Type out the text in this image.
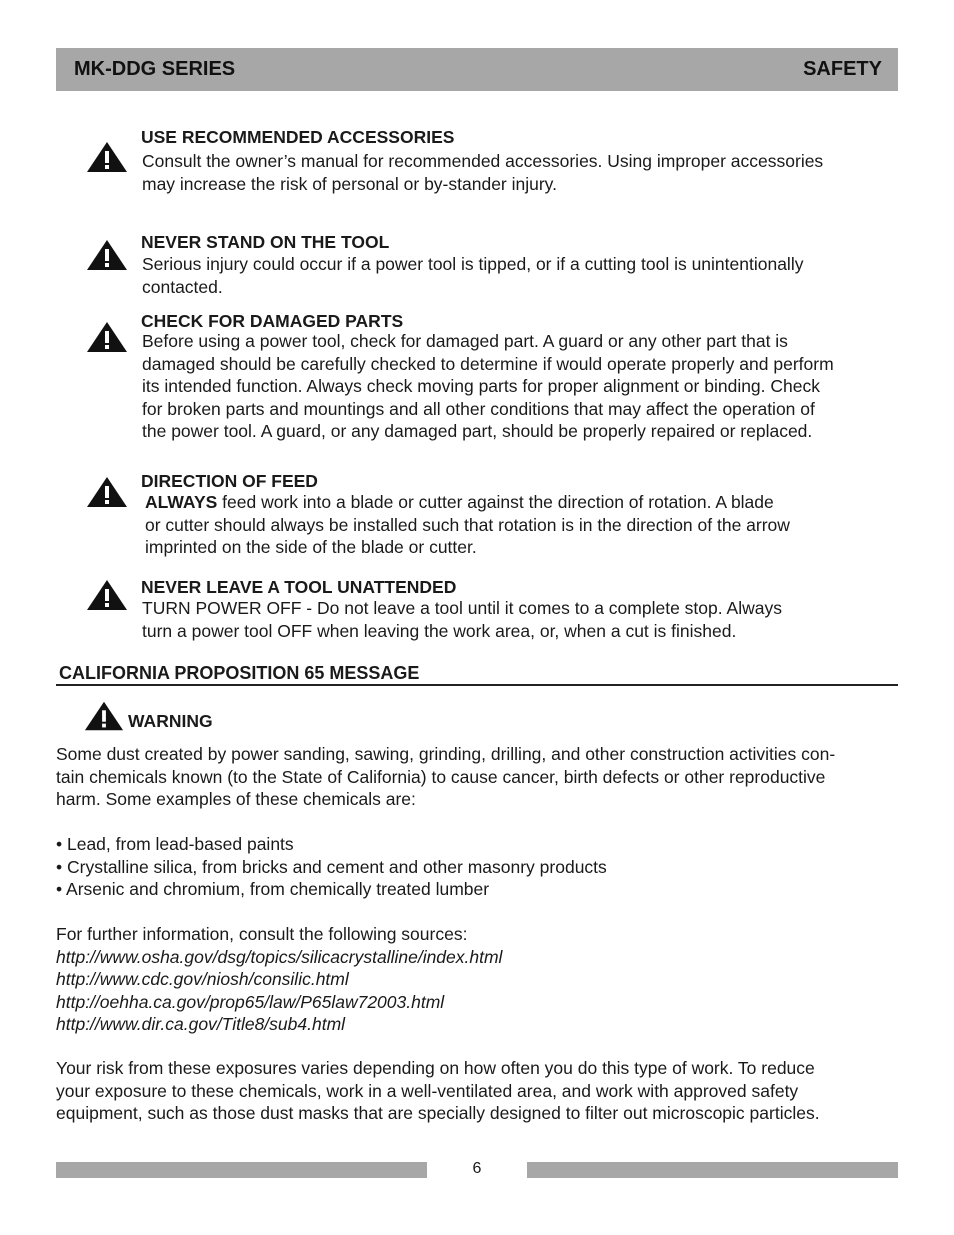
MK-DDG SERIES	SAFETY
USE RECOMMENDED ACCESSORIES
Consult the owner’s manual for recommended accessories. Using improper accessories
may increase the risk of personal or by-stander injury.
NEVER STAND ON THE TOOL
Serious injury could occur if a power tool is tipped, or if a cutting tool is unintentionally
contacted.
CHECK FOR DAMAGED PARTS
Before using a power tool, check for damaged part. A guard or any other part that is
damaged should be carefully checked to determine if would operate properly and perform
its intended function. Always check moving parts for proper alignment or binding. Check
for broken parts and mountings and all other conditions that may affect the operation of
the power tool. A guard, or any damaged part, should be properly repaired or replaced.
DIRECTION OF FEED
ALWAYS feed work into a blade or cutter against the direction of rotation. A blade
or cutter should always be installed such that rotation is in the direction of the arrow
imprinted on the side of the blade or cutter.
NEVER LEAVE A TOOL UNATTENDED
TURN POWER OFF - Do not leave a tool until it comes to a complete stop. Always
turn a power tool OFF when leaving the work area, or, when a cut is finished.
CALIFORNIA PROPOSITION 65 MESSAGE
WARNING
Some dust created by power sanding, sawing, grinding, drilling, and other construction activities con-
tain chemicals known (to the State of California) to cause cancer, birth defects or other reproductive
harm. Some examples of these chemicals are:
• Lead, from lead-based paints
• Crystalline silica, from bricks and cement and other masonry products
• Arsenic and chromium, from chemically treated lumber
For further information, consult the following sources:
http://www.osha.gov/dsg/topics/silicacrystalline/index.html
http://www.cdc.gov/niosh/consilic.html
http://oehha.ca.gov/prop65/law/P65law72003.html
http://www.dir.ca.gov/Title8/sub4.html
Your risk from these exposures varies depending on how often you do this type of work. To reduce
your exposure to these chemicals, work in a well-ventilated area, and work with approved safety
equipment, such as those dust masks that are specially designed to filter out microscopic particles.
6
